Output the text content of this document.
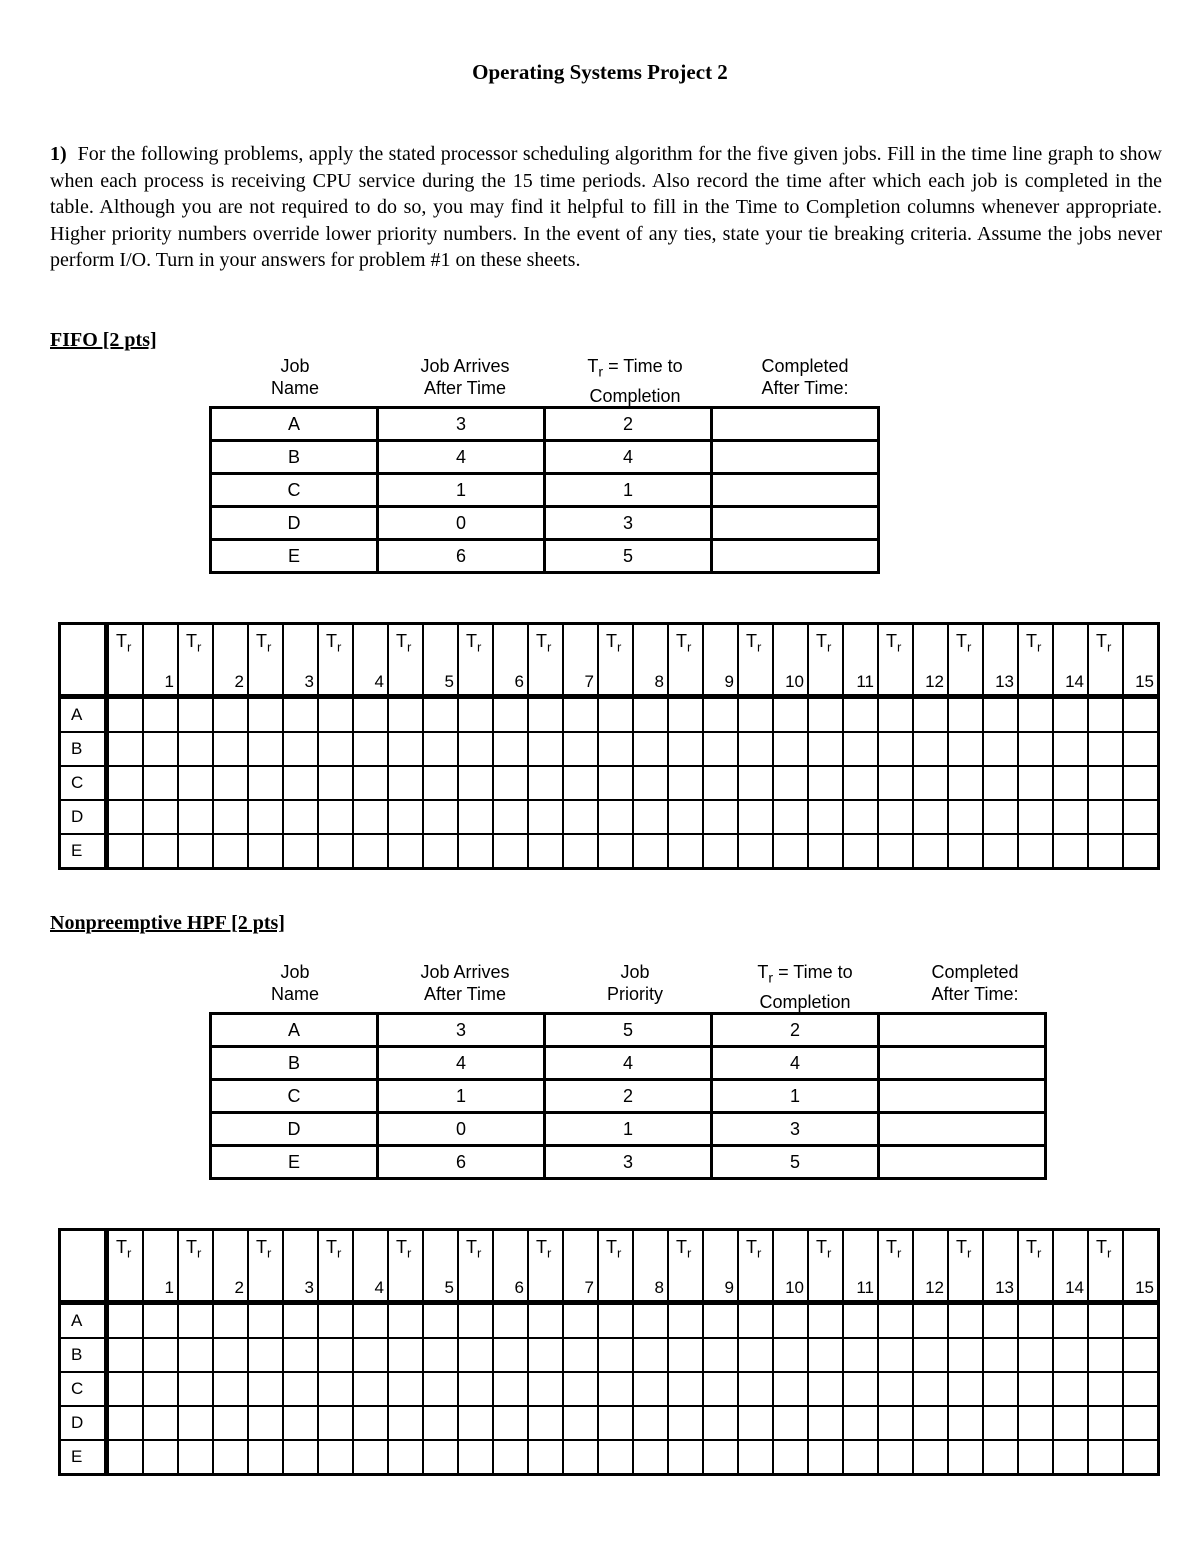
Operating Systems Project 2

1) For the following problems, apply the stated processor scheduling algorithm for the five given jobs. Fill in the time line graph to show when each process is receiving CPU service during the 15 time periods. Also record the time after which each job is completed in the table. Although you are not required to do so, you may find it helpful to fill in the Time to Completion columns whenever appropriate. Higher priority numbers override lower priority numbers. In the event of any ties, state your tie breaking criteria. Assume the jobs never perform I/O. Turn in your answers for problem #1 on these sheets.

FIFO [2 pts]

Job
Name
Job Arrives
After Time
$T_r$ = Time to
Completion
Completed
After Time:
A	3	2	
B	4	4	
C	1	1	
D	0	3	
E	6	5	

	$T_r$	1	$T_r$	2	$T_r$	3	$T_r$	4	$T_r$	5	$T_r$	6	$T_r$	7	$T_r$	8	$T_r$	9	$T_r$	10	$T_r$	11	$T_r$	12	$T_r$	13	$T_r$	14	$T_r$	15

A																														
B																														
C																														
D																														
E																														

Nonpreemptive HPF [2 pts]

Job
Name
Job Arrives
After Time
Job
Priority
$T_r$ = Time to
Completion
Completed
After Time:
A	3	5	2	
B	4	4	4	
C	1	2	1	
D	0	1	3	
E	6	3	5	

	$T_r$	1	$T_r$	2	$T_r$	3	$T_r$	4	$T_r$	5	$T_r$	6	$T_r$	7	$T_r$	8	$T_r$	9	$T_r$	10	$T_r$	11	$T_r$	12	$T_r$	13	$T_r$	14	$T_r$	15

A																														
B																														
C																														
D																														
E																														
